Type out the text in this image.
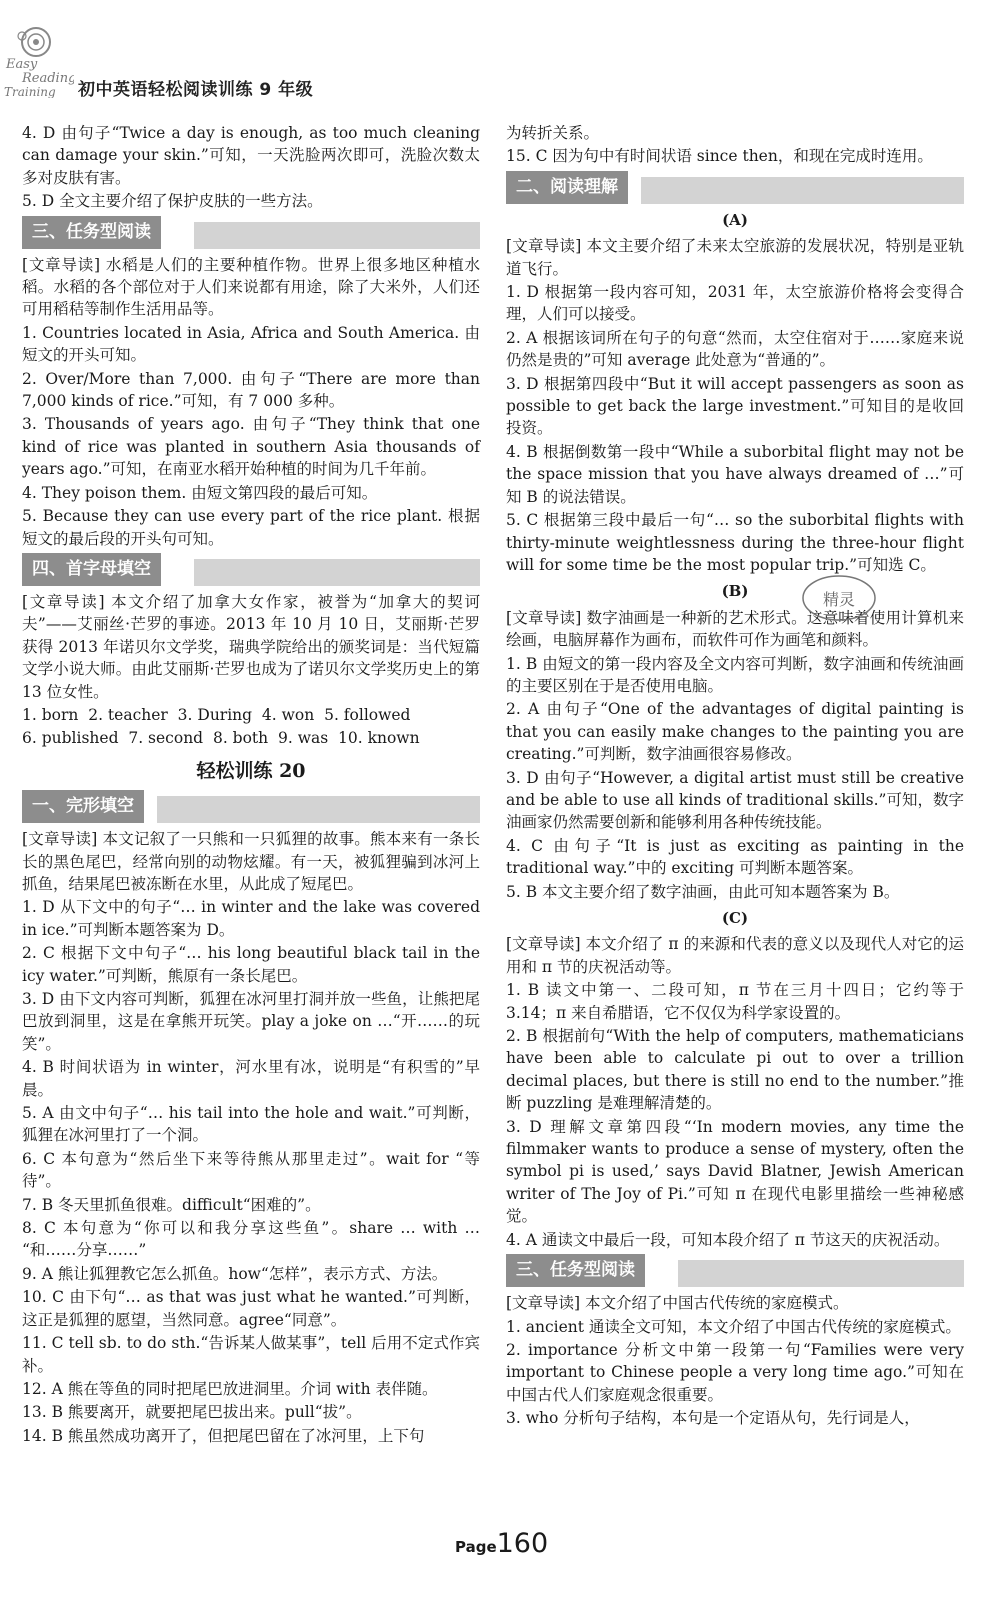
Easy
Reading
Training 初中英语轻松阅读训练 9 年级

4. D 由句子“Twice a day is enough, as too much cleaning can damage your skin.”可知，一天洗脸两次即可，洗脸次数太多对皮肤有害。

5. D 全文主要介绍了保护皮肤的一些方法。

三、任务型阅读

[文章导读] 水稻是人们的主要种植作物。世界上很多地区种植水稻。水稻的各个部位对于人们来说都有用途，除了大米外，人们还可用稻秸等制作生活用品等。

1. Countries located in Asia, Africa and South America. 由短文的开头可知。

2. Over/More than 7,000. 由句子“There are more than 7,000 kinds of rice.”可知，有 7 000 多种。

3. Thousands of years ago. 由句子“They think that one kind of rice was planted in southern Asia thousands of years ago.”可知，在南亚水稻开始种植的时间为几千年前。

4. They poison them. 由短文第四段的最后可知。

5. Because they can use every part of the rice plant. 根据短文的最后段的开头句可知。

四、首字母填空

[文章导读] 本文介绍了加拿大女作家，被誉为“加拿大的契诃夫”——艾丽丝·芒罗的事迹。2013 年 10 月 10 日，艾丽斯·芒罗获得 2013 年诺贝尔文学奖，瑞典学院给出的颁奖词是：当代短篇文学小说大师。由此艾丽斯·芒罗也成为了诺贝尔文学奖历史上的第 13 位女性。

1. born  2. teacher  3. During  4. won  5. followed

6. published  7. second  8. both  9. was  10. known

轻松训练 20
一、完形填空

[文章导读] 本文记叙了一只熊和一只狐狸的故事。熊本来有一条长长的黑色尾巴，经常向别的动物炫耀。有一天，被狐狸骗到冰河上抓鱼，结果尾巴被冻断在水里，从此成了短尾巴。

1. D 从下文中的句子“… in winter and the lake was covered in ice.”可判断本题答案为 D。

2. C 根据下文中句子“… his long beautiful black tail in the icy water.”可判断，熊原有一条长尾巴。

3. D 由下文内容可判断，狐狸在冰河里打洞并放一些鱼，让熊把尾巴放到洞里，这是在拿熊开玩笑。play a joke on …“开……的玩笑”。

4. B 时间状语为 in winter，河水里有冰，说明是“有积雪的”早晨。

5. A 由文中句子“… his tail into the hole and wait.”可判断，狐狸在冰河里打了一个洞。

6. C 本句意为“然后坐下来等待熊从那里走过”。wait for “等待”。

7. B 冬天里抓鱼很难。difficult“困难的”。

8. C 本句意为“你可以和我分享这些鱼”。share … with … “和……分享……”

9. A 熊让狐狸教它怎么抓鱼。how“怎样”，表示方式、方法。

10. C 由下句“… as that was just what he wanted.”可判断，这正是狐狸的愿望，当然同意。agree“同意”。

11. C tell sb. to do sth.“告诉某人做某事”，tell 后用不定式作宾补。

12. A 熊在等鱼的同时把尾巴放进洞里。介词 with 表伴随。

13. B 熊要离开，就要把尾巴拔出来。pull“拔”。

14. B 熊虽然成功离开了，但把尾巴留在了冰河里，上下句

为转折关系。

15. C 因为句中有时间状语 since then，和现在完成时连用。

二、阅读理解
(A)

[文章导读] 本文主要介绍了未来太空旅游的发展状况，特别是亚轨道飞行。

1. D 根据第一段内容可知，2031 年，太空旅游价格将会变得合理，人们可以接受。

2. A 根据该词所在句子的句意“然而，太空住宿对于……家庭来说仍然是贵的”可知 average 此处意为“普通的”。

3. D 根据第四段中“But it will accept passengers as soon as possible to get back the large investment.”可知目的是收回投资。

4. B 根据倒数第一段中“While a suborbital flight may not be the space mission that you have always dreamed of …”可知 B 的说法错误。

5. C 根据第三段中最后一句“… so the suborbital flights with thirty-minute weightlessness during the three-hour flight will for some time be the most popular trip.”可知选 C。

(B)

[文章导读] 数字油画是一种新的艺术形式。这意味着使用计算机来绘画，电脑屏幕作为画布，而软件可作为画笔和颜料。

1. B 由短文的第一段内容及全文内容可判断，数字油画和传统油画的主要区别在于是否使用电脑。

2. A 由句子“One of the advantages of digital painting is that you can easily make changes to the painting you are creating.”可判断，数字油画很容易修改。

3. D 由句子“However, a digital artist must still be creative and be able to use all kinds of traditional skills.”可知，数字油画家仍然需要创新和能够利用各种传统技能。

4. C 由句子“It is just as exciting as painting in the traditional way.”中的 exciting 可判断本题答案。

5. B 本文主要介绍了数字油画，由此可知本题答案为 B。

(C)

[文章导读] 本文介绍了 π 的来源和代表的意义以及现代人对它的运用和 π 节的庆祝活动等。

1. B 读文中第一、二段可知，π 节在三月十四日；它约等于 3.14；π 来自希腊语，它不仅仅为科学家设置的。

2. B 根据前句“With the help of computers, mathematicians have been able to calculate pi out to over a trillion decimal places, but there is still no end to the number.”推断 puzzling 是难理解清楚的。

3. D 理解文章第四段“‘In modern movies, any time the filmmaker wants to produce a sense of mystery, often the symbol pi is used,’ says David Blatner, Jewish American writer of The Joy of Pi.”可知 π 在现代电影里描绘一些神秘感觉。

4. A 通读文中最后一段，可知本段介绍了 π 节这天的庆祝活动。

三、任务型阅读

[文章导读] 本文介绍了中国古代传统的家庭模式。

1. ancient 通读全文可知，本文介绍了中国古代传统的家庭模式。

2. importance 分析文中第一段第一句“Families were very important to Chinese people a very long time ago.”可知在中国古代人们家庭观念很重要。

3. who 分析句子结构，本句是一个定语从句，先行词是人，

精灵
Page160
